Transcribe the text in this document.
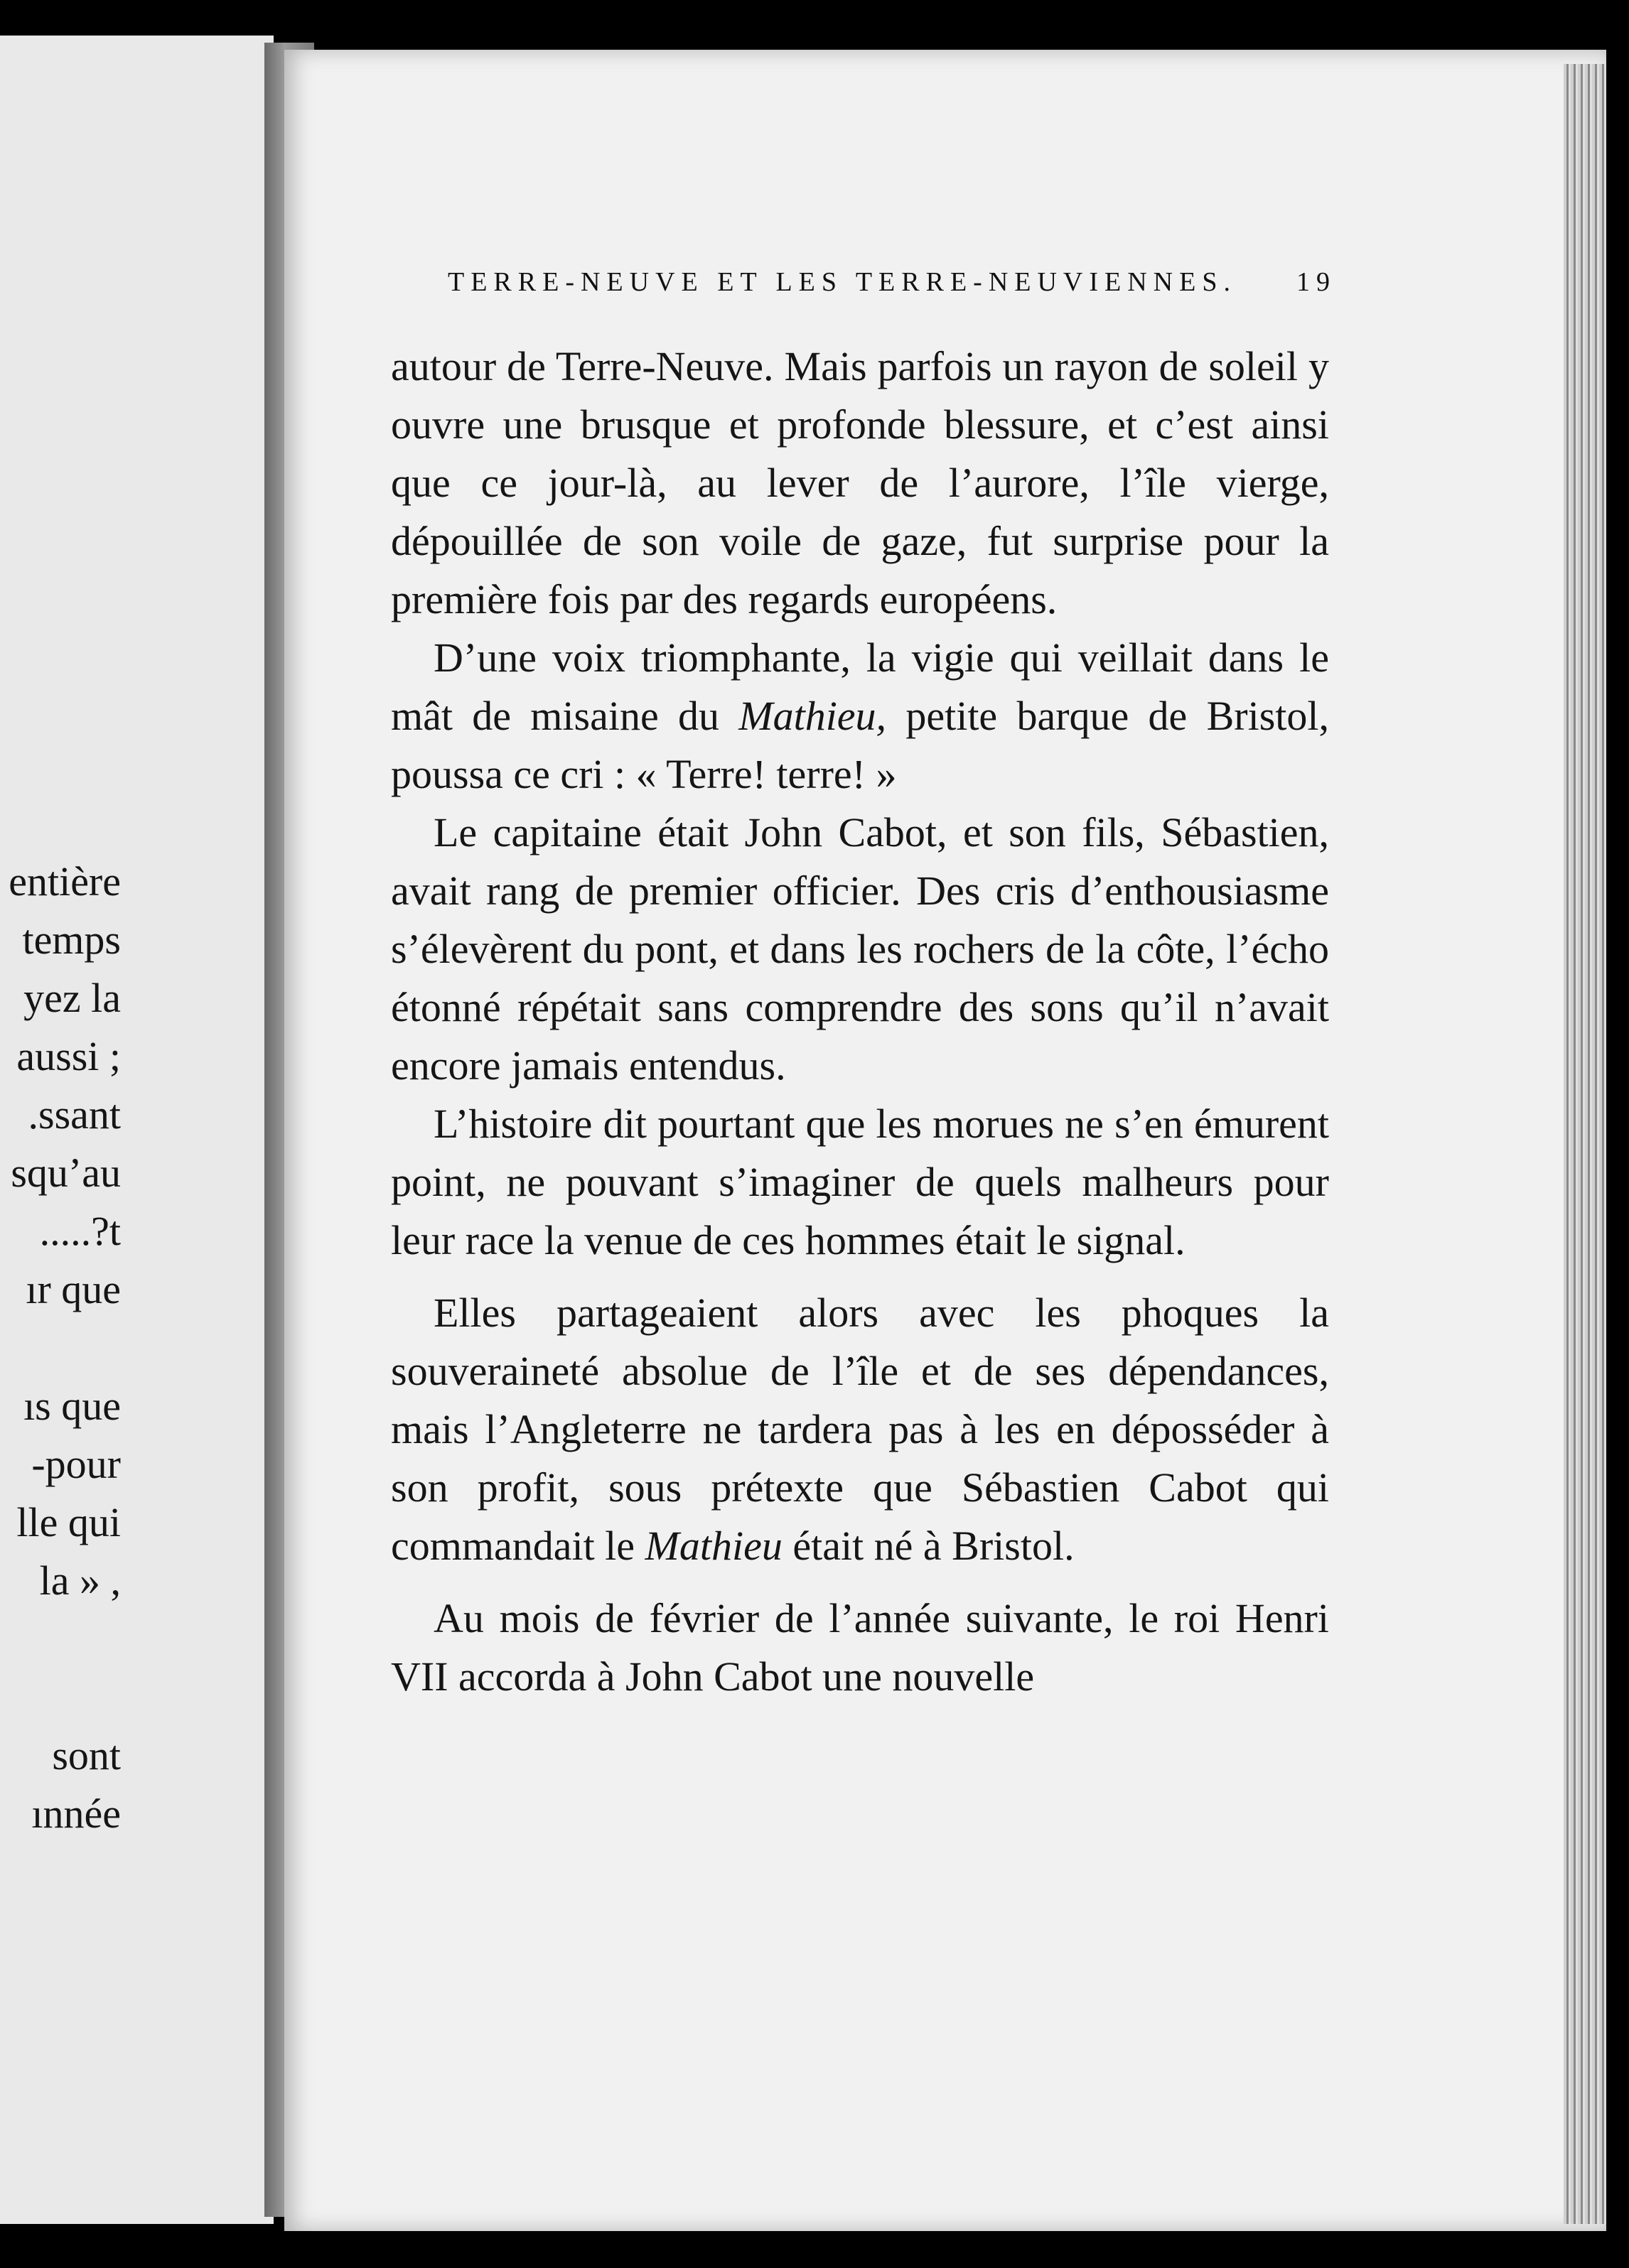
entière
temps
yez la
; aussi
ssant.
squ’au
t?.....
ır que
ıs que
pour-
lle qui
, « la
sont
ınnée
TERRE-NEUVE ET LES TERRE-NEUVIENNES. 19

autour de Terre-Neuve. Mais parfois un rayon de soleil y ouvre une brusque et profonde blessure, et c’est ainsi que ce jour-là, au lever de l’aurore, l’île vierge, dépouillée de son voile de gaze, fut surprise pour la première fois par des regards européens.

D’une voix triomphante, la vigie qui veillait dans le mât de misaine du Mathieu, petite barque de Bristol, poussa ce cri : « Terre! terre! »

Le capitaine était John Cabot, et son fils, Sébastien, avait rang de premier officier. Des cris d’enthousiasme s’élevèrent du pont, et dans les rochers de la côte, l’écho étonné répétait sans comprendre des sons qu’il n’avait encore jamais entendus.

L’histoire dit pourtant que les morues ne s’en émurent point, ne pouvant s’imaginer de quels malheurs pour leur race la venue de ces hommes était le signal.

Elles partageaient alors avec les phoques la souveraineté absolue de l’île et de ses dépendances, mais l’Angleterre ne tardera pas à les en déposséder à son profit, sous prétexte que Sébastien Cabot qui commandait le Mathieu était né à Bristol.

Au mois de février de l’année suivante, le roi Henri VII accorda à John Cabot une nouvelle
